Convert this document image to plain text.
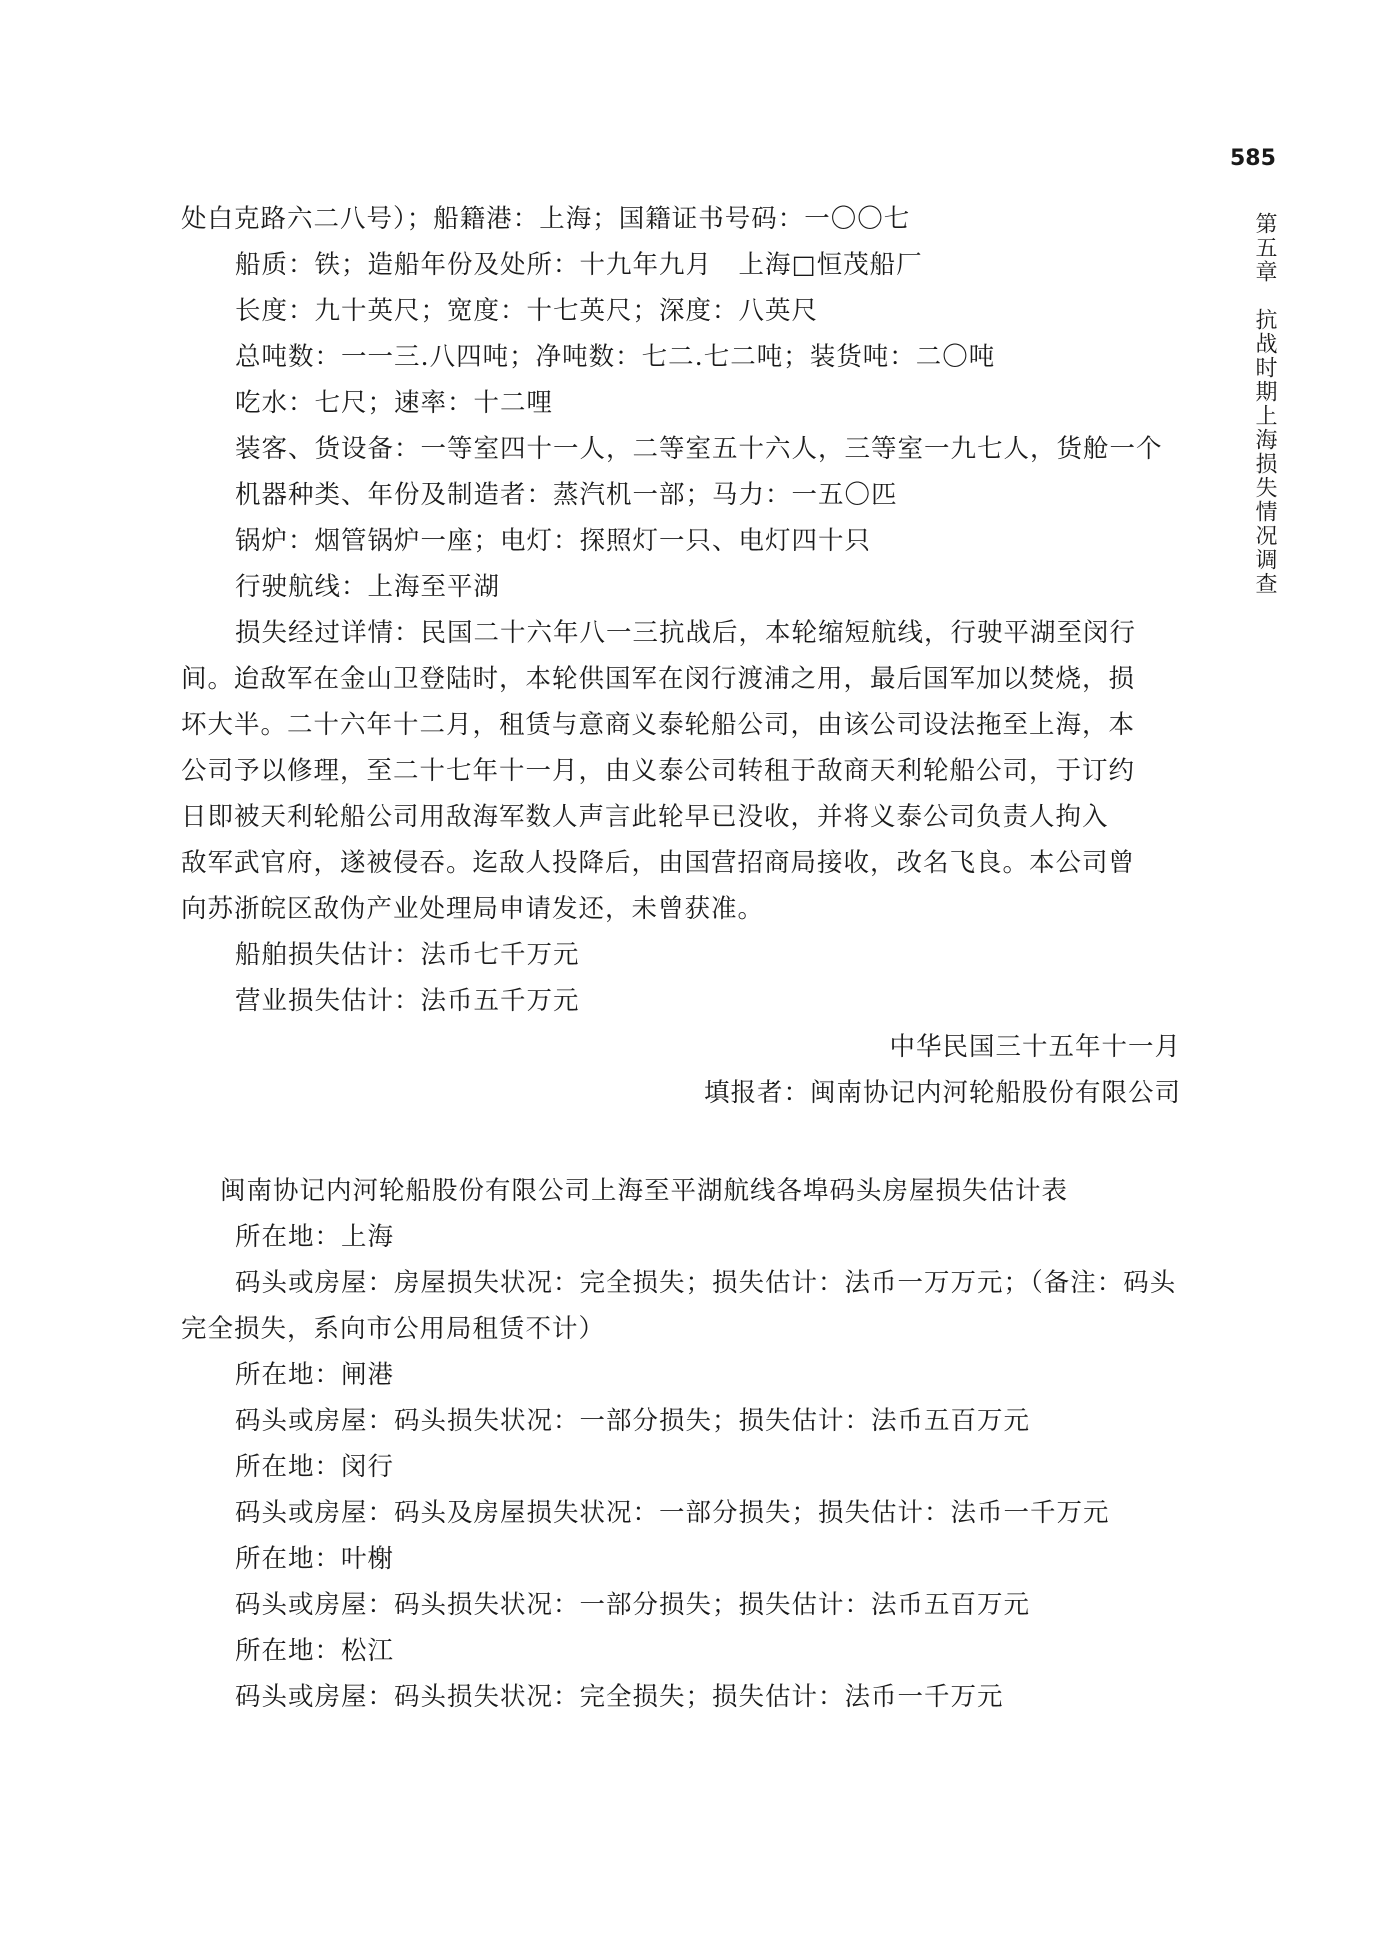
585
第五章　抗战时期上海损失情况调查
处白克路六二八号）；船籍港：上海；国籍证书号码：一〇〇七
船质：铁；造船年份及处所：十九年九月　上海□恒茂船厂
长度：九十英尺；宽度：十七英尺；深度：八英尺
总吨数：一一三.八四吨；净吨数：七二.七二吨；装货吨：二〇吨
吃水：七尺；速率：十二哩
装客、货设备：一等室四十一人，二等室五十六人，三等室一九七人，货舱一个
机器种类、年份及制造者：蒸汽机一部；马力：一五〇匹
锅炉：烟管锅炉一座；电灯：探照灯一只、电灯四十只
行驶航线：上海至平湖
损失经过详情：民国二十六年八一三抗战后，本轮缩短航线，行驶平湖至闵行
间。迨敌军在金山卫登陆时，本轮供国军在闵行渡浦之用，最后国军加以焚烧，损
坏大半。二十六年十二月，租赁与意商义泰轮船公司，由该公司设法拖至上海，本
公司予以修理，至二十七年十一月，由义泰公司转租于敌商天利轮船公司，于订约
日即被天利轮船公司用敌海军数人声言此轮早已没收，并将义泰公司负责人拘入
敌军武官府，遂被侵吞。迄敌人投降后，由国营招商局接收，改名飞良。本公司曾
向苏浙皖区敌伪产业处理局申请发还，未曾获准。
船舶损失估计：法币七千万元
营业损失估计：法币五千万元
中华民国三十五年十一月
填报者：闽南协记内河轮船股份有限公司
闽南协记内河轮船股份有限公司上海至平湖航线各埠码头房屋损失估计表
所在地：上海
码头或房屋：房屋损失状况：完全损失；损失估计：法币一万万元；（备注：码头
完全损失，系向市公用局租赁不计）
所在地：闸港
码头或房屋：码头损失状况：一部分损失；损失估计：法币五百万元
所在地：闵行
码头或房屋：码头及房屋损失状况：一部分损失；损失估计：法币一千万元
所在地：叶榭
码头或房屋：码头损失状况：一部分损失；损失估计：法币五百万元
所在地：松江
码头或房屋：码头损失状况：完全损失；损失估计：法币一千万元
